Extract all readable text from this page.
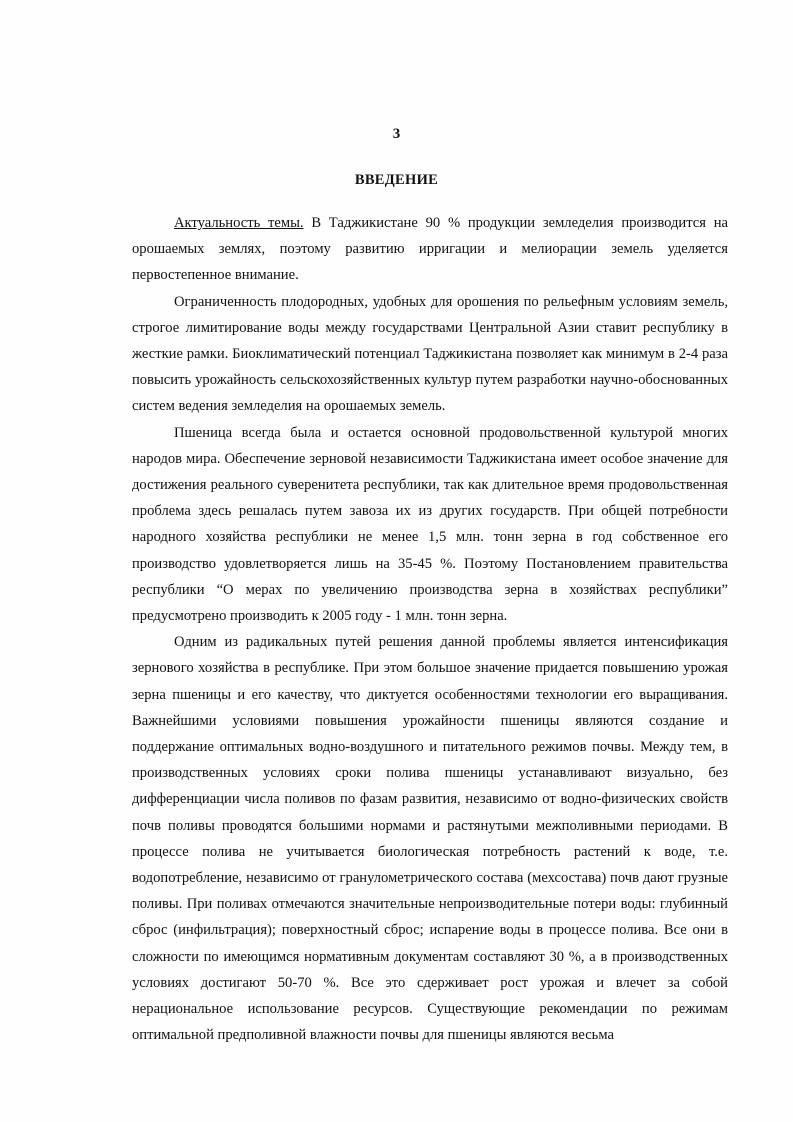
3
ВВЕДЕНИЕ

Актуальность темы. В Таджикистане 90 % продукции земледелия производится на орошаемых землях, поэтому развитию ирригации и мелиорации земель уделяется первостепенное внимание.

Ограниченность плодородных, удобных для орошения по рельефным условиям земель, строгое лимитирование воды между государствами Центральной Азии ставит республику в жесткие рамки. Биоклиматический потенциал Таджикистана позволяет как минимум в 2-4 раза повысить урожайность сельскохозяйственных культур путем разработки научно-обоснованных систем ведения земледелия на орошаемых земель.

Пшеница всегда была и остается основной продовольственной культурой многих народов мира. Обеспечение зерновой независимости Таджикистана имеет особое значение для достижения реального суверенитета республики, так как длительное время продовольственная проблема здесь решалась путем завоза их из других государств. При общей потребности народного хозяйства республики не менее 1,5 млн. тонн зерна в год собственное его производство удовлетворяется лишь на 35-45 %. Поэтому Постановлением правительства республики “О мерах по увеличению производства зерна в хозяйствах республики” предусмотрено производить к 2005 году - 1 млн. тонн зерна.

Одним из радикальных путей решения данной проблемы является интенсификация зернового хозяйства в республике. При этом большое значение придается повышению урожая зерна пшеницы и его качеству, что диктуется особенностями технологии его выращивания. Важнейшими условиями повышения урожайности пшеницы являются создание и поддержание оптимальных водно-воздушного и питательного режимов почвы. Между тем, в производственных условиях сроки полива пшеницы устанавливают визуально, без дифференциации числа поливов по фазам развития, независимо от водно-физических свойств почв поливы проводятся большими нормами и растянутыми межполивными периодами. В процессе полива не учитывается биологическая потребность растений к воде, т.е. водопотребление, независимо от гранулометрического состава (мехсостава) почв дают грузные поливы. При поливах отмечаются значительные непроизводительные потери воды: глубинный сброс (инфильтрация); поверхностный сброс; испарение воды в процессе полива. Все они в сложности по имеющимся нормативным документам составляют 30 %, а в производственных условиях достигают 50-70 %. Все это сдерживает рост урожая и влечет за собой нерациональное использование ресурсов. Существующие рекомендации по режимам оптимальной предполивной влажности почвы для пшеницы являются весьма
